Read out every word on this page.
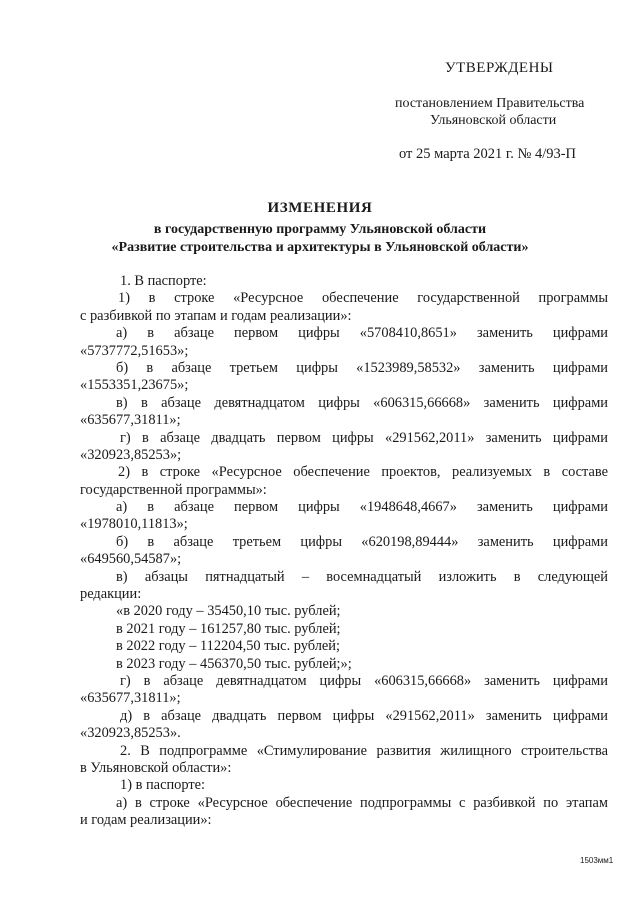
УТВЕРЖДЕНЫ
постановлением Правительства
Ульяновской области
от 25 марта 2021 г. № 4/93-П
ИЗМЕНЕНИЯ
в государственную программу Ульяновской области
«Развитие строительства и архитектуры в Ульяновской области»
1. В паспорте:
1) в строке «Ресурсное обеспечение государственной программы
с разбивкой по этапам и годам реализации»:
а) в абзаце первом цифры «5708410,8651» заменить цифрами
«5737772,51653»;
б) в абзаце третьем цифры «1523989,58532» заменить цифрами
«1553351,23675»;
в) в абзаце девятнадцатом цифры «606315,66668» заменить цифрами
«635677,31811»;
г) в абзаце двадцать первом цифры «291562,2011» заменить цифрами
«320923,85253»;
2) в строке «Ресурсное обеспечение проектов, реализуемых в составе
государственной программы»:
а) в абзаце первом цифры «1948648,4667» заменить цифрами
«1978010,11813»;
б) в абзаце третьем цифры «620198,89444» заменить цифрами
«649560,54587»;
в) абзацы пятнадцатый – восемнадцатый изложить в следующей
редакции:
«в 2020 году – 35450,10 тыс. рублей;
в 2021 году – 161257,80 тыс. рублей;
в 2022 году – 112204,50 тыс. рублей;
в 2023 году – 456370,50 тыс. рублей;»;
г) в абзаце девятнадцатом цифры «606315,66668» заменить цифрами
«635677,31811»;
д) в абзаце двадцать первом цифры «291562,2011» заменить цифрами
«320923,85253».
2. В подпрограмме «Стимулирование развития жилищного строительства
в Ульяновской области»:
1) в паспорте:
а) в строке «Ресурсное обеспечение подпрограммы с разбивкой по этапам
и годам реализации»:
1503мм1
